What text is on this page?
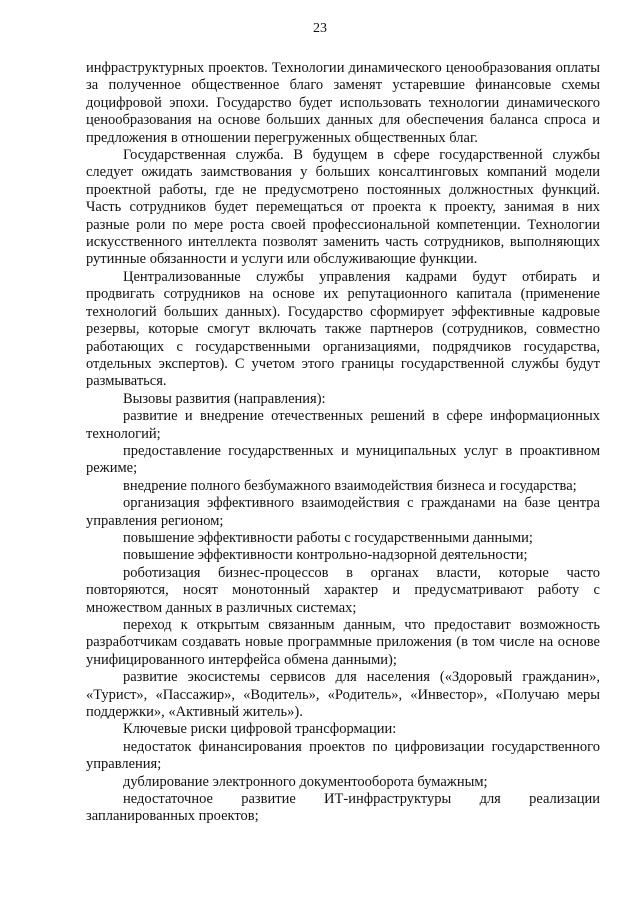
23

инфраструктурных проектов. Технологии динамического ценообразования оплаты за полученное общественное благо заменят устаревшие финансовые схемы доцифровой эпохи. Государство будет использовать технологии динамического ценообразования на основе больших данных для обеспечения баланса спроса и предложения в отношении перегруженных общественных благ.

Государственная служба. В будущем в сфере государственной службы следует ожидать заимствования у больших консалтинговых компаний модели проектной работы, где не предусмотрено постоянных должностных функций. Часть сотрудников будет перемещаться от проекта к проекту, занимая в них разные роли по мере роста своей профессиональной компетенции. Технологии искусственного интеллекта позволят заменить часть сотрудников, выполняющих рутинные обязанности и услуги или обслуживающие функции.

Централизованные службы управления кадрами будут отбирать и продвигать сотрудников на основе их репутационного капитала (применение технологий больших данных). Государство сформирует эффективные кадровые резервы, которые смогут включать также партнеров (сотрудников, совместно работающих с государственными организациями, подрядчиков государства, отдельных экспертов). С учетом этого границы государственной службы будут размываться.

Вызовы развития (направления):

развитие и внедрение отечественных решений в сфере информационных технологий;

предоставление государственных и муниципальных услуг в проактивном режиме;

внедрение полного безбумажного взаимодействия бизнеса и государства;

организация эффективного взаимодействия с гражданами на базе центра управления регионом;

повышение эффективности работы с государственными данными;

повышение эффективности контрольно-надзорной деятельности;

роботизация бизнес-процессов в органах власти, которые часто повторяются, носят монотонный характер и предусматривают работу с множеством данных в различных системах;

переход к открытым связанным данным, что предоставит возможность разработчикам создавать новые программные приложения (в том числе на основе унифицированного интерфейса обмена данными);

развитие экосистемы сервисов для населения («Здоровый гражданин», «Турист», «Пассажир», «Водитель», «Родитель», «Инвестор», «Получаю меры поддержки», «Активный житель»).

Ключевые риски цифровой трансформации:

недостаток финансирования проектов по цифровизации государственного управления;

дублирование электронного документооборота бумажным;

недостаточное развитие ИТ-инфраструктуры для реализации запланированных проектов;
